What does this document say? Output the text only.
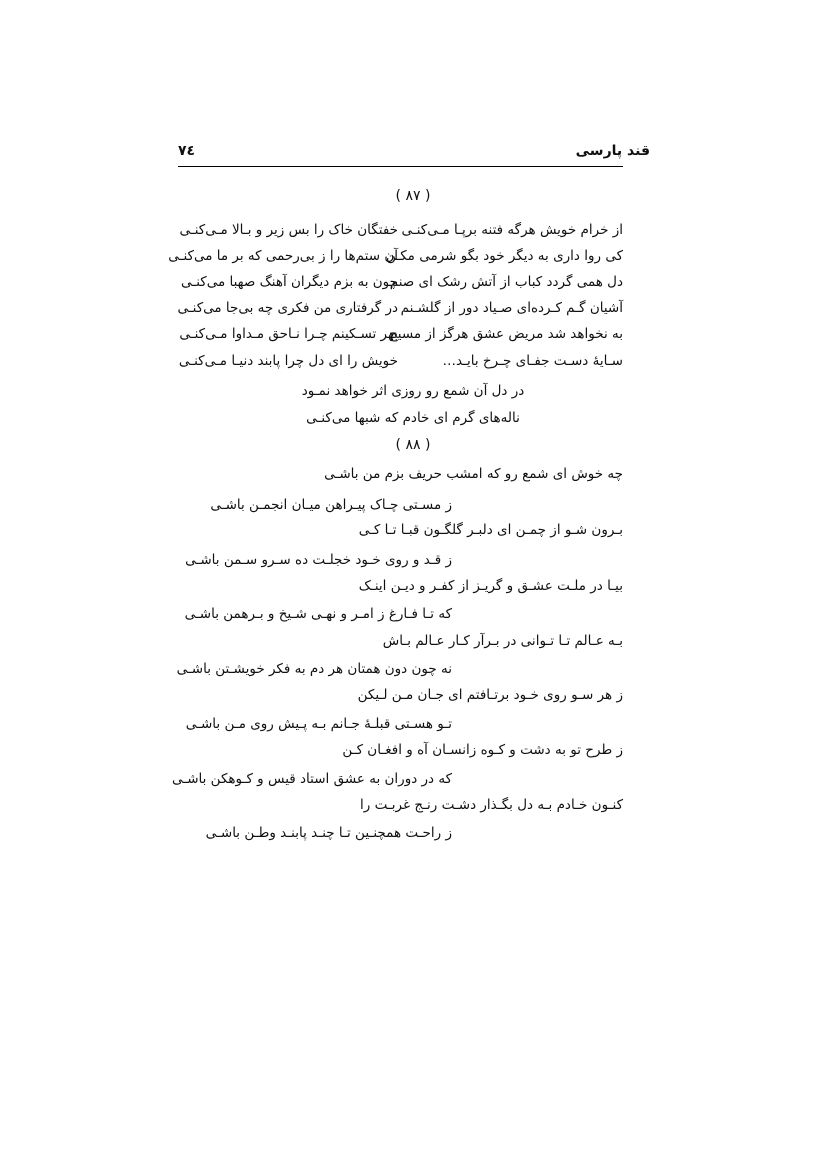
قند پارسی
٧٤
( ٨٧ )
از خرام خویش هرگه فتنه برپـا مـی‌کنـی
خفتگان خاک را بس زیر و بـالا مـی‌کنـی
کی روا داری به دیگر خود بگو شرمی مکـن
آن ستم‌ها را ز بی‌رحمی که بر ما می‌کنـی
دل همی گردد کباب از آتش رشک ای صنم
چون به بزم دیگران آهنگ صهبا می‌کنـی
آشیان گـم کـرده‌ای صـیاد دور از گلشـنم
در گرفتاری من فکری چه بی‌جا می‌کنـی
به نخواهد شد مریض عشق هرگز از مسیح
بهر تسـکینم چـرا نـاحق مـداوا مـی‌کنـی
سـایهٔ دسـت جفـای چـرخ بایـد…
خویش را ای دل چرا پابند دنیـا مـی‌کنـی
در دل آن شمع رو روزی اثر خواهد نمـود
ناله‌های گرم ای خادم که شبها می‌کنـی
( ٨٨ )
چه خوش ای شمع رو که امشب حریف بزم من باشـی
ز مسـتی چـاک پیـراهن میـان انجمـن باشـی
بـرون شـو از چمـن ای دلبـر گلگـون قبـا تـا کـی
ز قـد و روی خـود خجلـت ده سـرو سـمن باشـی
بیـا در ملـت عشـق و گریـز از کفـر و دیـن اینـک
که تـا فـارغ ز امـر و نهـی شـیخ و بـرهمن باشـی
بـه عـالم تـا تـوانی در بـرآر کـار عـالم بـاش
نه چون دون همتان هر دم به فکر خویشـتن باشـی
ز هر سـو روی خـود برتـافتم ای جـان مـن لـیکن
تـو هسـتی قبلـهٔ جـانم بـه پـیش روی مـن باشـی
ز طرح تو به دشت و کـوه زانسـان آه و افغـان کـن
که در دوران به عشق استاد قیس و کـوهکن باشـی
کنـون خـادم بـه دل بگـذار دشـت رنـج غربـت را
ز راحـت همچنـین تـا چنـد پابنـد وطـن باشـی
